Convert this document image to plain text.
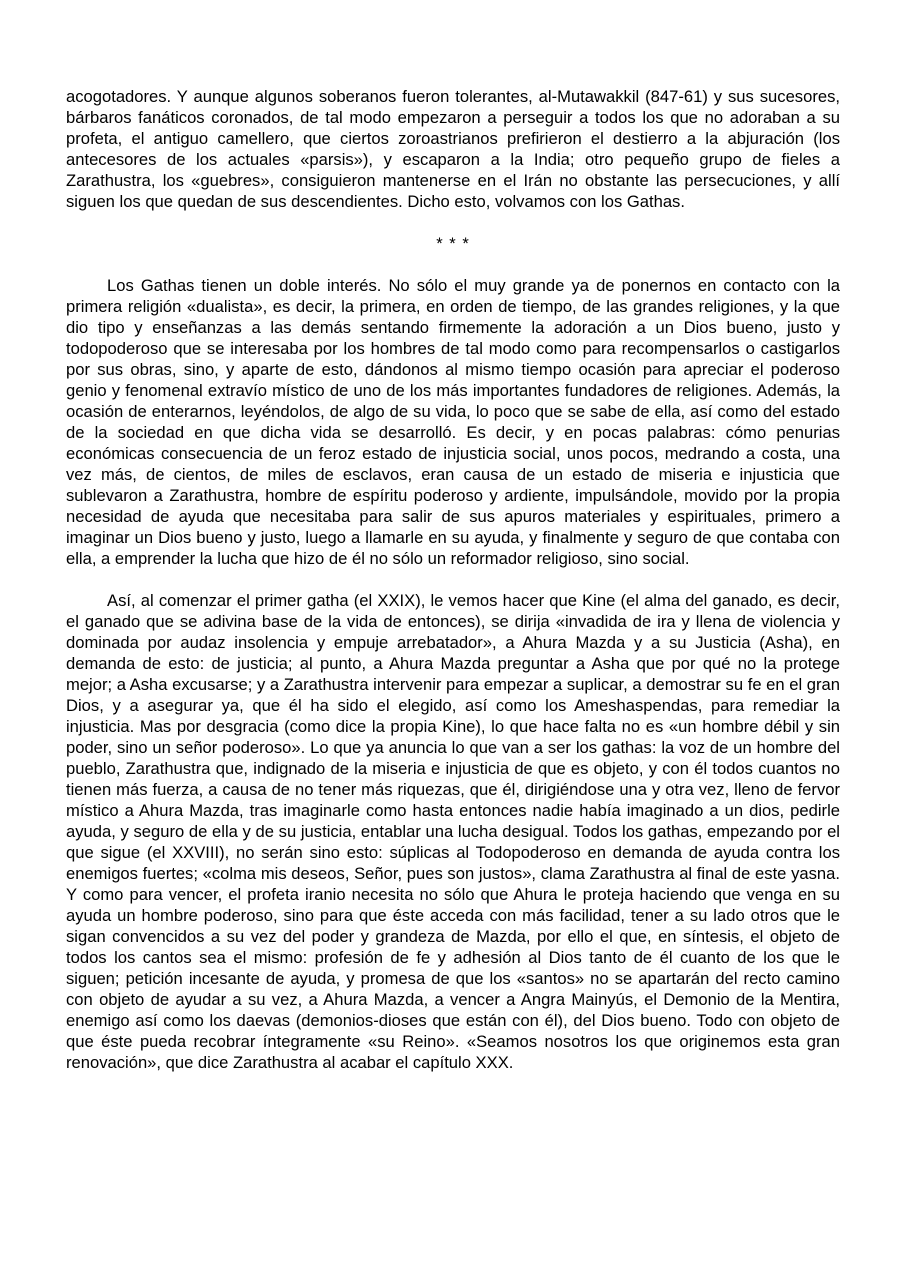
acogotadores. Y aunque algunos soberanos fueron tolerantes, al-Mutawakkil (847-61) y sus sucesores, bárbaros fanáticos coronados, de tal modo empezaron a perseguir a todos los que no adoraban a su profeta, el antiguo camellero, que ciertos zoroastrianos prefirieron el destierro a la abjuración (los antecesores de los actuales «parsis»), y escaparon a la India; otro pequeño grupo de fieles a Zarathustra, los «guebres», consiguieron mantenerse en el Irán no obstante las persecuciones, y allí siguen los que quedan de sus descendientes. Dicho esto, volvamos con los Gathas.

* * *

Los Gathas tienen un doble interés. No sólo el muy grande ya de ponernos en contacto con la primera religión «dualista», es decir, la primera, en orden de tiempo, de las grandes religiones, y la que dio tipo y enseñanzas a las demás sentando firmemente la adoración a un Dios bueno, justo y todopoderoso que se interesaba por los hombres de tal modo como para recompensarlos o castigarlos por sus obras, sino, y aparte de esto, dándonos al mismo tiempo ocasión para apreciar el poderoso genio y fenomenal extravío místico de uno de los más importantes fundadores de religiones. Además, la ocasión de enterarnos, leyéndolos, de algo de su vida, lo poco que se sabe de ella, así como del estado de la sociedad en que dicha vida se desarrolló. Es decir, y en pocas palabras: cómo penurias económicas consecuencia de un feroz estado de injusticia social, unos pocos, medrando a costa, una vez más, de cientos, de miles de esclavos, eran causa de un estado de miseria e injusticia que sublevaron a Zarathustra, hombre de espíritu poderoso y ardiente, impulsándole, movido por la propia necesidad de ayuda que necesitaba para salir de sus apuros materiales y espirituales, primero a imaginar un Dios bueno y justo, luego a llamarle en su ayuda, y finalmente y seguro de que contaba con ella, a emprender la lucha que hizo de él no sólo un reformador religioso, sino social.

Así, al comenzar el primer gatha (el XXIX), le vemos hacer que Kine (el alma del ganado, es decir, el ganado que se adivina base de la vida de entonces), se dirija «invadida de ira y llena de violencia y dominada por audaz insolencia y empuje arrebatador», a Ahura Mazda y a su Justicia (Asha), en demanda de esto: de justicia; al punto, a Ahura Mazda preguntar a Asha que por qué no la protege mejor; a Asha excusarse; y a Zarathustra intervenir para empezar a suplicar, a demostrar su fe en el gran Dios, y a asegurar ya, que él ha sido el elegido, así como los Ameshaspendas, para remediar la injusticia. Mas por desgracia (como dice la propia Kine), lo que hace falta no es «un hombre débil y sin poder, sino un señor poderoso». Lo que ya anuncia lo que van a ser los gathas: la voz de un hombre del pueblo, Zarathustra que, indignado de la miseria e injusticia de que es objeto, y con él todos cuantos no tienen más fuerza, a causa de no tener más riquezas, que él, dirigiéndose una y otra vez, lleno de fervor místico a Ahura Mazda, tras imaginarle como hasta entonces nadie había imaginado a un dios, pedirle ayuda, y seguro de ella y de su justicia, entablar una lucha desigual. Todos los gathas, empezando por el que sigue (el XXVIII), no serán sino esto: súplicas al Todopoderoso en demanda de ayuda contra los enemigos fuertes; «colma mis deseos, Señor, pues son justos», clama Zarathustra al final de este yasna. Y como para vencer, el profeta iranio necesita no sólo que Ahura le proteja haciendo que venga en su ayuda un hombre poderoso, sino para que éste acceda con más facilidad, tener a su lado otros que le sigan convencidos a su vez del poder y grandeza de Mazda, por ello el que, en síntesis, el objeto de todos los cantos sea el mismo: profesión de fe y adhesión al Dios tanto de él cuanto de los que le siguen; petición incesante de ayuda, y promesa de que los «santos» no se apartarán del recto camino con objeto de ayudar a su vez, a Ahura Mazda, a vencer a Angra Mainyús, el Demonio de la Mentira, enemigo así como los daevas (demonios-dioses que están con él), del Dios bueno. Todo con objeto de que éste pueda recobrar íntegramente «su Reino». «Seamos nosotros los que originemos esta gran renovación», que dice Zarathustra al acabar el capítulo XXX.
